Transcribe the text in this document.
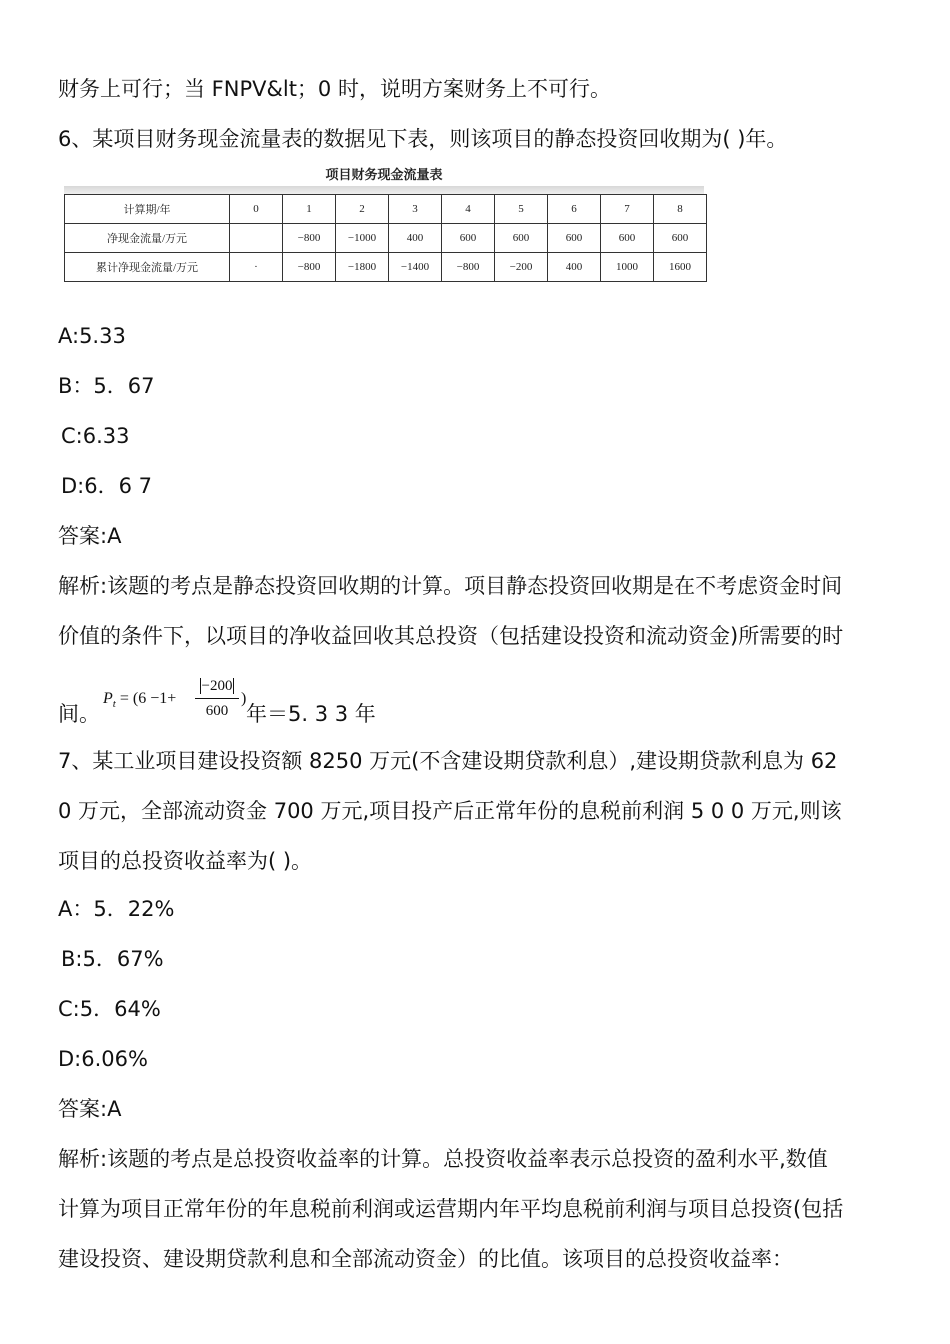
财务上可行；当 FNPV&lt；0 时，说明方案财务上不可行。
6、某项目财务现金流量表的数据见下表，则该项目的静态投资回收期为( )年。
项目财务现金流量表
计算期/年	0	1	2	3	4	5	6	7	8
净现金流量/万元		−800	−1000	400	600	600	600	600	600
累计净现金流量/万元	·	−800	−1800	−1400	−800	−200	400	1000	1600
A:5.33
B：5．67
C:6.33
D:6．6 7
答案:A
解析:该题的考点是静态投资回收期的计算。项目静态投资回收期是在不考虑资金时间
价值的条件下，以项目的净收益回收其总投资（包括建设投资和流动资金)所需要的时
间。
$P_t = (6 -1+$
−200
600
)
年＝5. 3 3 年
7、某工业项目建设投资额 8250 万元(不含建设期贷款利息）,建设期贷款利息为 62
0 万元，全部流动资金 700 万元,项目投产后正常年份的息税前利润 5 0 0 万元,则该
项目的总投资收益率为( )。
A：5．22%
B:5．67%
C:5．64%
D:6.06%
答案:A
解析:该题的考点是总投资收益率的计算。总投资收益率表示总投资的盈利水平,数值
计算为项目正常年份的年息税前利润或运营期内年平均息税前利润与项目总投资(包括
建设投资、建设期贷款利息和全部流动资金）的比值。该项目的总投资收益率：
